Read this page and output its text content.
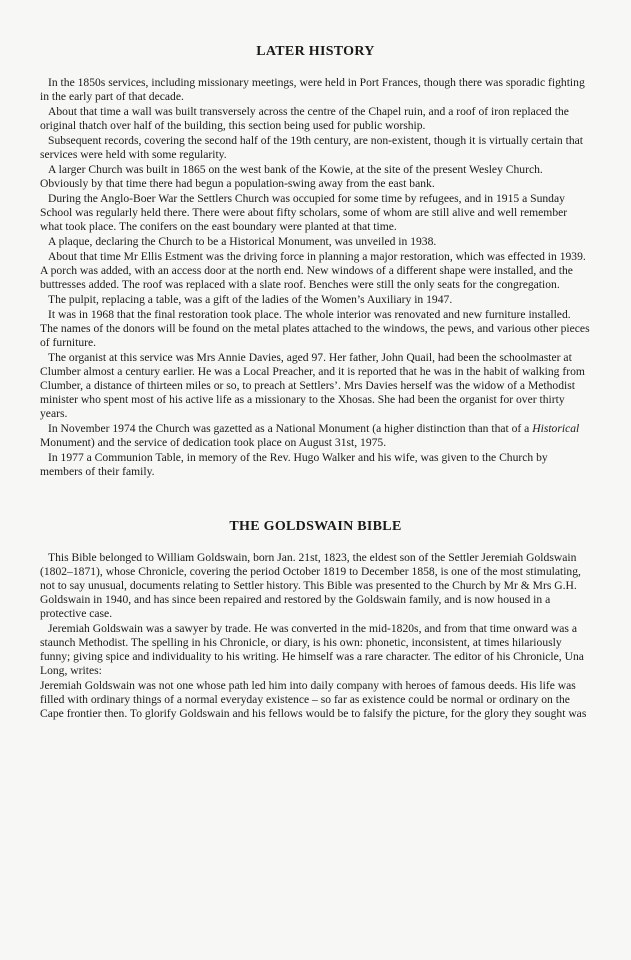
LATER HISTORY

In the 1850s services, including missionary meetings, were held in Port Frances, though there was sporadic fighting in the early part of that decade.

About that time a wall was built transversely across the centre of the Chapel ruin, and a roof of iron replaced the original thatch over half of the building, this section being used for public worship.

Subsequent records, covering the second half of the 19th century, are non-existent, though it is virtually certain that services were held with some regularity.

A larger Church was built in 1865 on the west bank of the Kowie, at the site of the present Wesley Church. Obviously by that time there had begun a population-swing away from the east bank.

During the Anglo-Boer War the Settlers Church was occupied for some time by refugees, and in 1915 a Sunday School was regularly held there. There were about fifty scholars, some of whom are still alive and well remember what took place. The conifers on the east boundary were planted at that time.

A plaque, declaring the Church to be a Historical Monument, was unveiled in 1938.

About that time Mr Ellis Estment was the driving force in planning a major restoration, which was effected in 1939. A porch was added, with an access door at the north end. New windows of a different shape were installed, and the buttresses added. The roof was replaced with a slate roof. Benches were still the only seats for the congregation.

The pulpit, replacing a table, was a gift of the ladies of the Women’s Auxiliary in 1947.

It was in 1968 that the final restoration took place. The whole interior was renovated and new furniture installed. The names of the donors will be found on the metal plates attached to the windows, the pews, and various other pieces of furniture.

The organist at this service was Mrs Annie Davies, aged 97. Her father, John Quail, had been the schoolmaster at Clumber almost a century earlier. He was a Local Preacher, and it is reported that he was in the habit of walking from Clumber, a distance of thirteen miles or so, to preach at Settlers’. Mrs Davies herself was the widow of a Methodist minister who spent most of his active life as a missionary to the Xhosas. She had been the organist for over thirty years.

In November 1974 the Church was gazetted as a National Monument (a higher distinction than that of a Historical Monument) and the service of dedication took place on August 31st, 1975.

In 1977 a Communion Table, in memory of the Rev. Hugo Walker and his wife, was given to the Church by members of their family.

THE GOLDSWAIN BIBLE

This Bible belonged to William Goldswain, born Jan. 21st, 1823, the eldest son of the Settler Jeremiah Goldswain (1802–1871), whose Chronicle, covering the period October 1819 to December 1858, is one of the most stimulating, not to say unusual, documents relating to Settler history. This Bible was presented to the Church by Mr & Mrs G.H. Goldswain in 1940, and has since been repaired and restored by the Goldswain family, and is now housed in a protective case.

Jeremiah Goldswain was a sawyer by trade. He was converted in the mid-1820s, and from that time onward was a staunch Methodist. The spelling in his Chronicle, or diary, is his own: phonetic, inconsistent, at times hilariously funny; giving spice and individuality to his writing. He himself was a rare character. The editor of his Chronicle, Una Long, writes:

Jeremiah Goldswain was not one whose path led him into daily company with heroes of famous deeds. His life was filled with ordinary things of a normal everyday existence – so far as existence could be normal or ordinary on the Cape frontier then. To glorify Goldswain and his fellows would be to falsify the picture, for the glory they sought was
